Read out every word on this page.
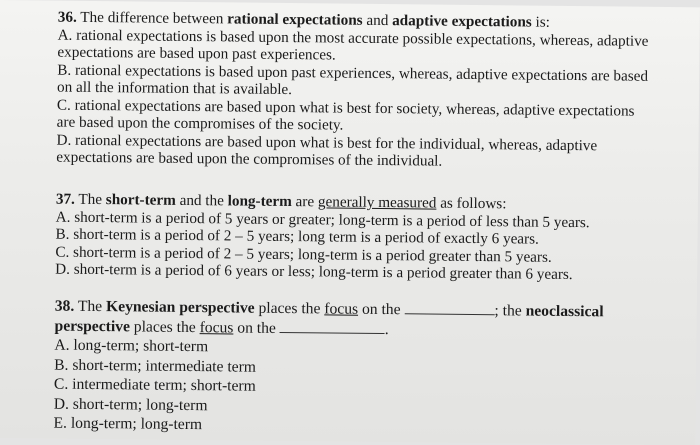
36. The difference between rational expectations and adaptive expectations is:
A. rational expectations is based upon the most accurate possible expectations, whereas, adaptive
expectations are based upon past experiences.
B. rational expectations is based upon past experiences, whereas, adaptive expectations are based
on all the information that is available.
C. rational expectations are based upon what is best for society, whereas, adaptive expectations
are based upon the compromises of the society.
D. rational expectations are based upon what is best for the individual, whereas, adaptive
expectations are based upon the compromises of the individual.
37. The short-term and the long-term are generally measured as follows:
A. short-term is a period of 5 years or greater; long-term is a period of less than 5 years.
B. short-term is a period of 2 – 5 years; long term is a period of exactly 6 years.
C. short-term is a period of 2 – 5 years; long-term is a period greater than 5 years.
D. short-term is a period of 6 years or less; long-term is a period greater than 6 years.
38. The Keynesian perspective places the focus on the	; the neoclassical
perspective places the focus on the	.
A. long-term; short-term
B. short-term; intermediate term
C. intermediate term; short-term
D. short-term; long-term
E. long-term; long-term
